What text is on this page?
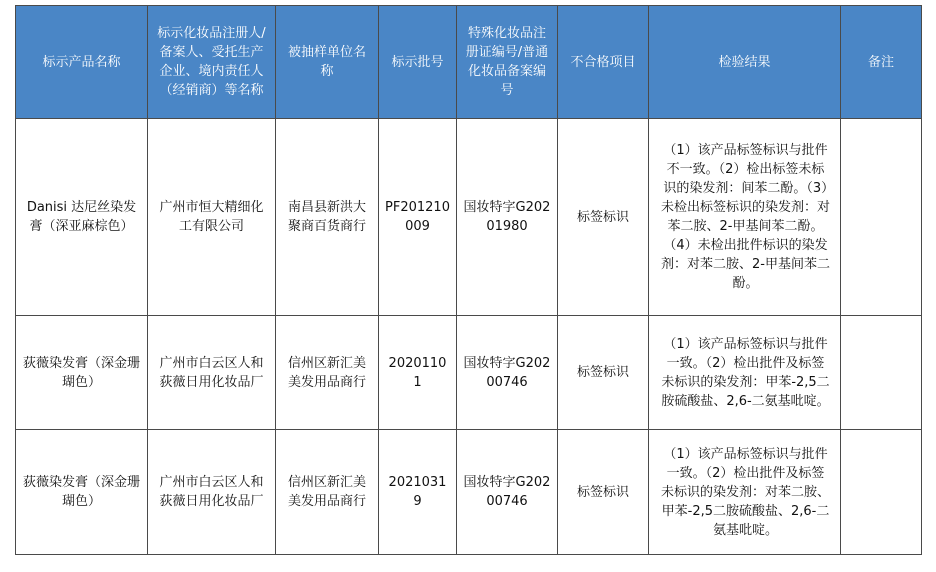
标示产品名称	标示化妆品注册人/备案人、受托生产企业、境内责任人（经销商）等名称	被抽样单位名称	标示批号	特殊化妆品注册证编号/普通化妆品备案编号	不合格项目	检验结果	备注
Danisi 达尼丝染发膏（深亚麻棕色）	广州市恒大精细化工有限公司	南昌县新洪大聚商百货商行	PF201210009	国妆特字G20201980	标签标识	（1）该产品标签标识与批件不一致。（2）检出标签未标识的染发剂：间苯二酚。（3）未检出标签标识的染发剂：对苯二胺、2-甲基间苯二酚。（4）未检出批件标识的染发剂：对苯二胺、2-甲基间苯二酚。	
荻薇染发膏（深金珊瑚色）	广州市白云区人和荻薇日用化妆品厂	信州区新汇美美发用品商行	20201101	国妆特字G20200746	标签标识	（1）该产品标签标识与批件一致。（2）检出批件及标签未标识的染发剂：甲苯-2,5二胺硫酸盐、2,6-二氨基吡啶。	
荻薇染发膏（深金珊瑚色）	广州市白云区人和荻薇日用化妆品厂	信州区新汇美美发用品商行	20210319	国妆特字G20200746	标签标识	（1）该产品标签标识与批件一致。（2）检出批件及标签未标识的染发剂：对苯二胺、甲苯-2,5二胺硫酸盐、2,6-二氨基吡啶。	
